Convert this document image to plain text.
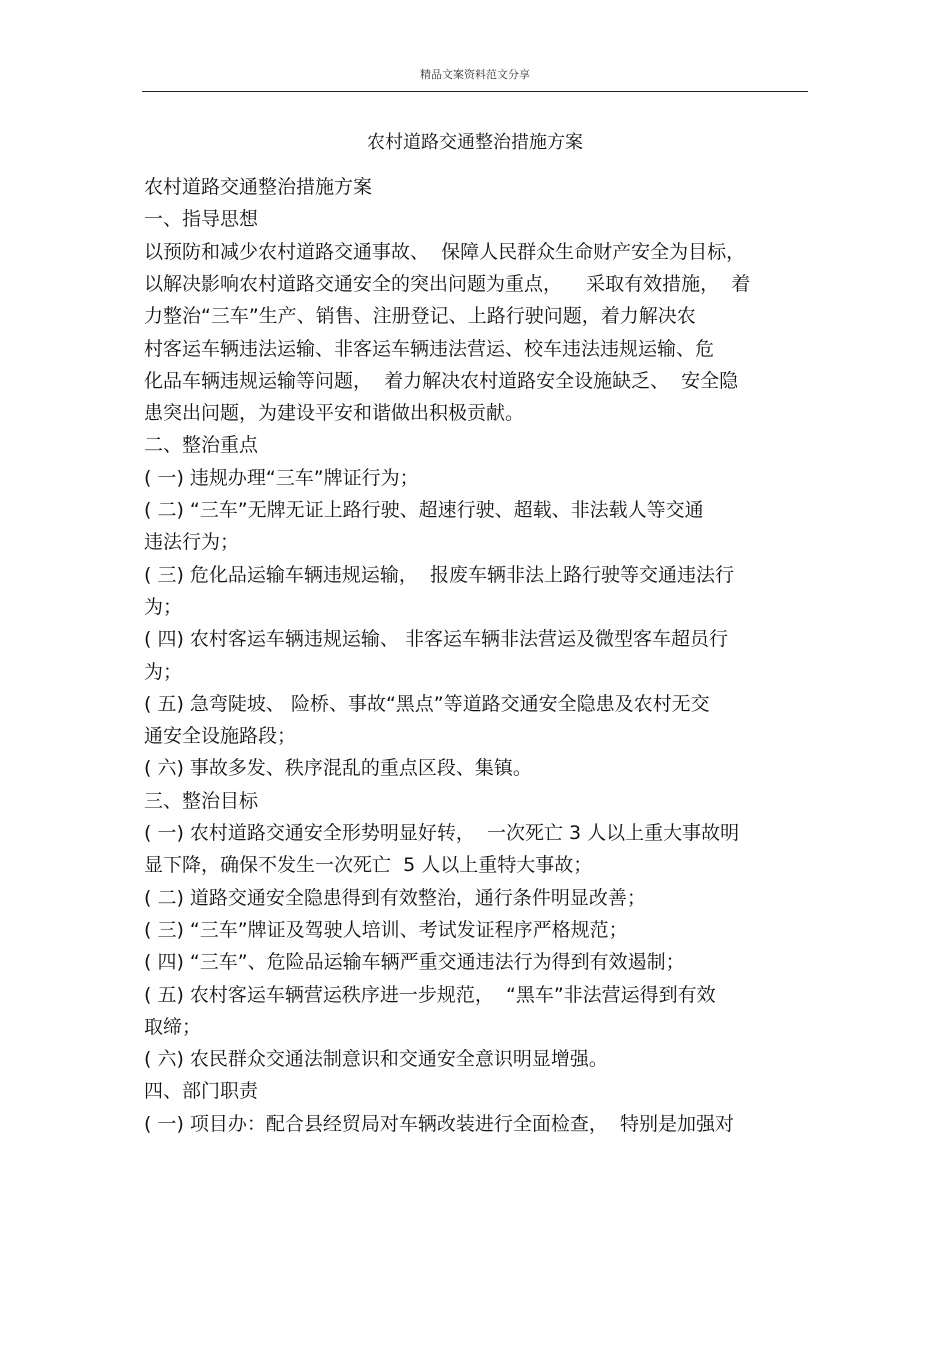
精品文案资料范文分享
农村道路交通整治措施方案
农村道路交通整治措施方案
一、指导思想
以预防和减少农村道路交通事故、  保障人民群众生命财产安全为目标，
以解决影响农村道路交通安全的突出问题为重点，    采取有效措施，  着
力整治“三车”生产、销售、注册登记、上路行驶问题，着力解决农
村客运车辆违法运输、非客运车辆违法营运、校车违法违规运输、危
化品车辆违规运输等问题，  着力解决农村道路安全设施缺乏、  安全隐
患突出问题，为建设平安和谐做出积极贡献。
二、整治重点
( 一) 违规办理“三车”牌证行为；
( 二) “三车”无牌无证上路行驶、超速行驶、超载、非法载人等交通
违法行为；
( 三) 危化品运输车辆违规运输，  报废车辆非法上路行驶等交通违法行
为；
( 四) 农村客运车辆违规运输、 非客运车辆非法营运及微型客车超员行
为；
( 五) 急弯陡坡、 险桥、事故“黑点”等道路交通安全隐患及农村无交
通安全设施路段；
( 六) 事故多发、秩序混乱的重点区段、集镇。
三、整治目标
( 一) 农村道路交通安全形势明显好转，  一次死亡 3 人以上重大事故明
显下降，确保不发生一次死亡  5 人以上重特大事故；
( 二) 道路交通安全隐患得到有效整治，通行条件明显改善；
( 三) “三车”牌证及驾驶人培训、考试发证程序严格规范；
( 四) “三车”、危险品运输车辆严重交通违法行为得到有效遏制；
( 五) 农村客运车辆营运秩序进一步规范，  “黑车”非法营运得到有效
取缔；
( 六) 农民群众交通法制意识和交通安全意识明显增强。
四、部门职责
( 一) 项目办：配合县经贸局对车辆改装进行全面检查，  特别是加强对
